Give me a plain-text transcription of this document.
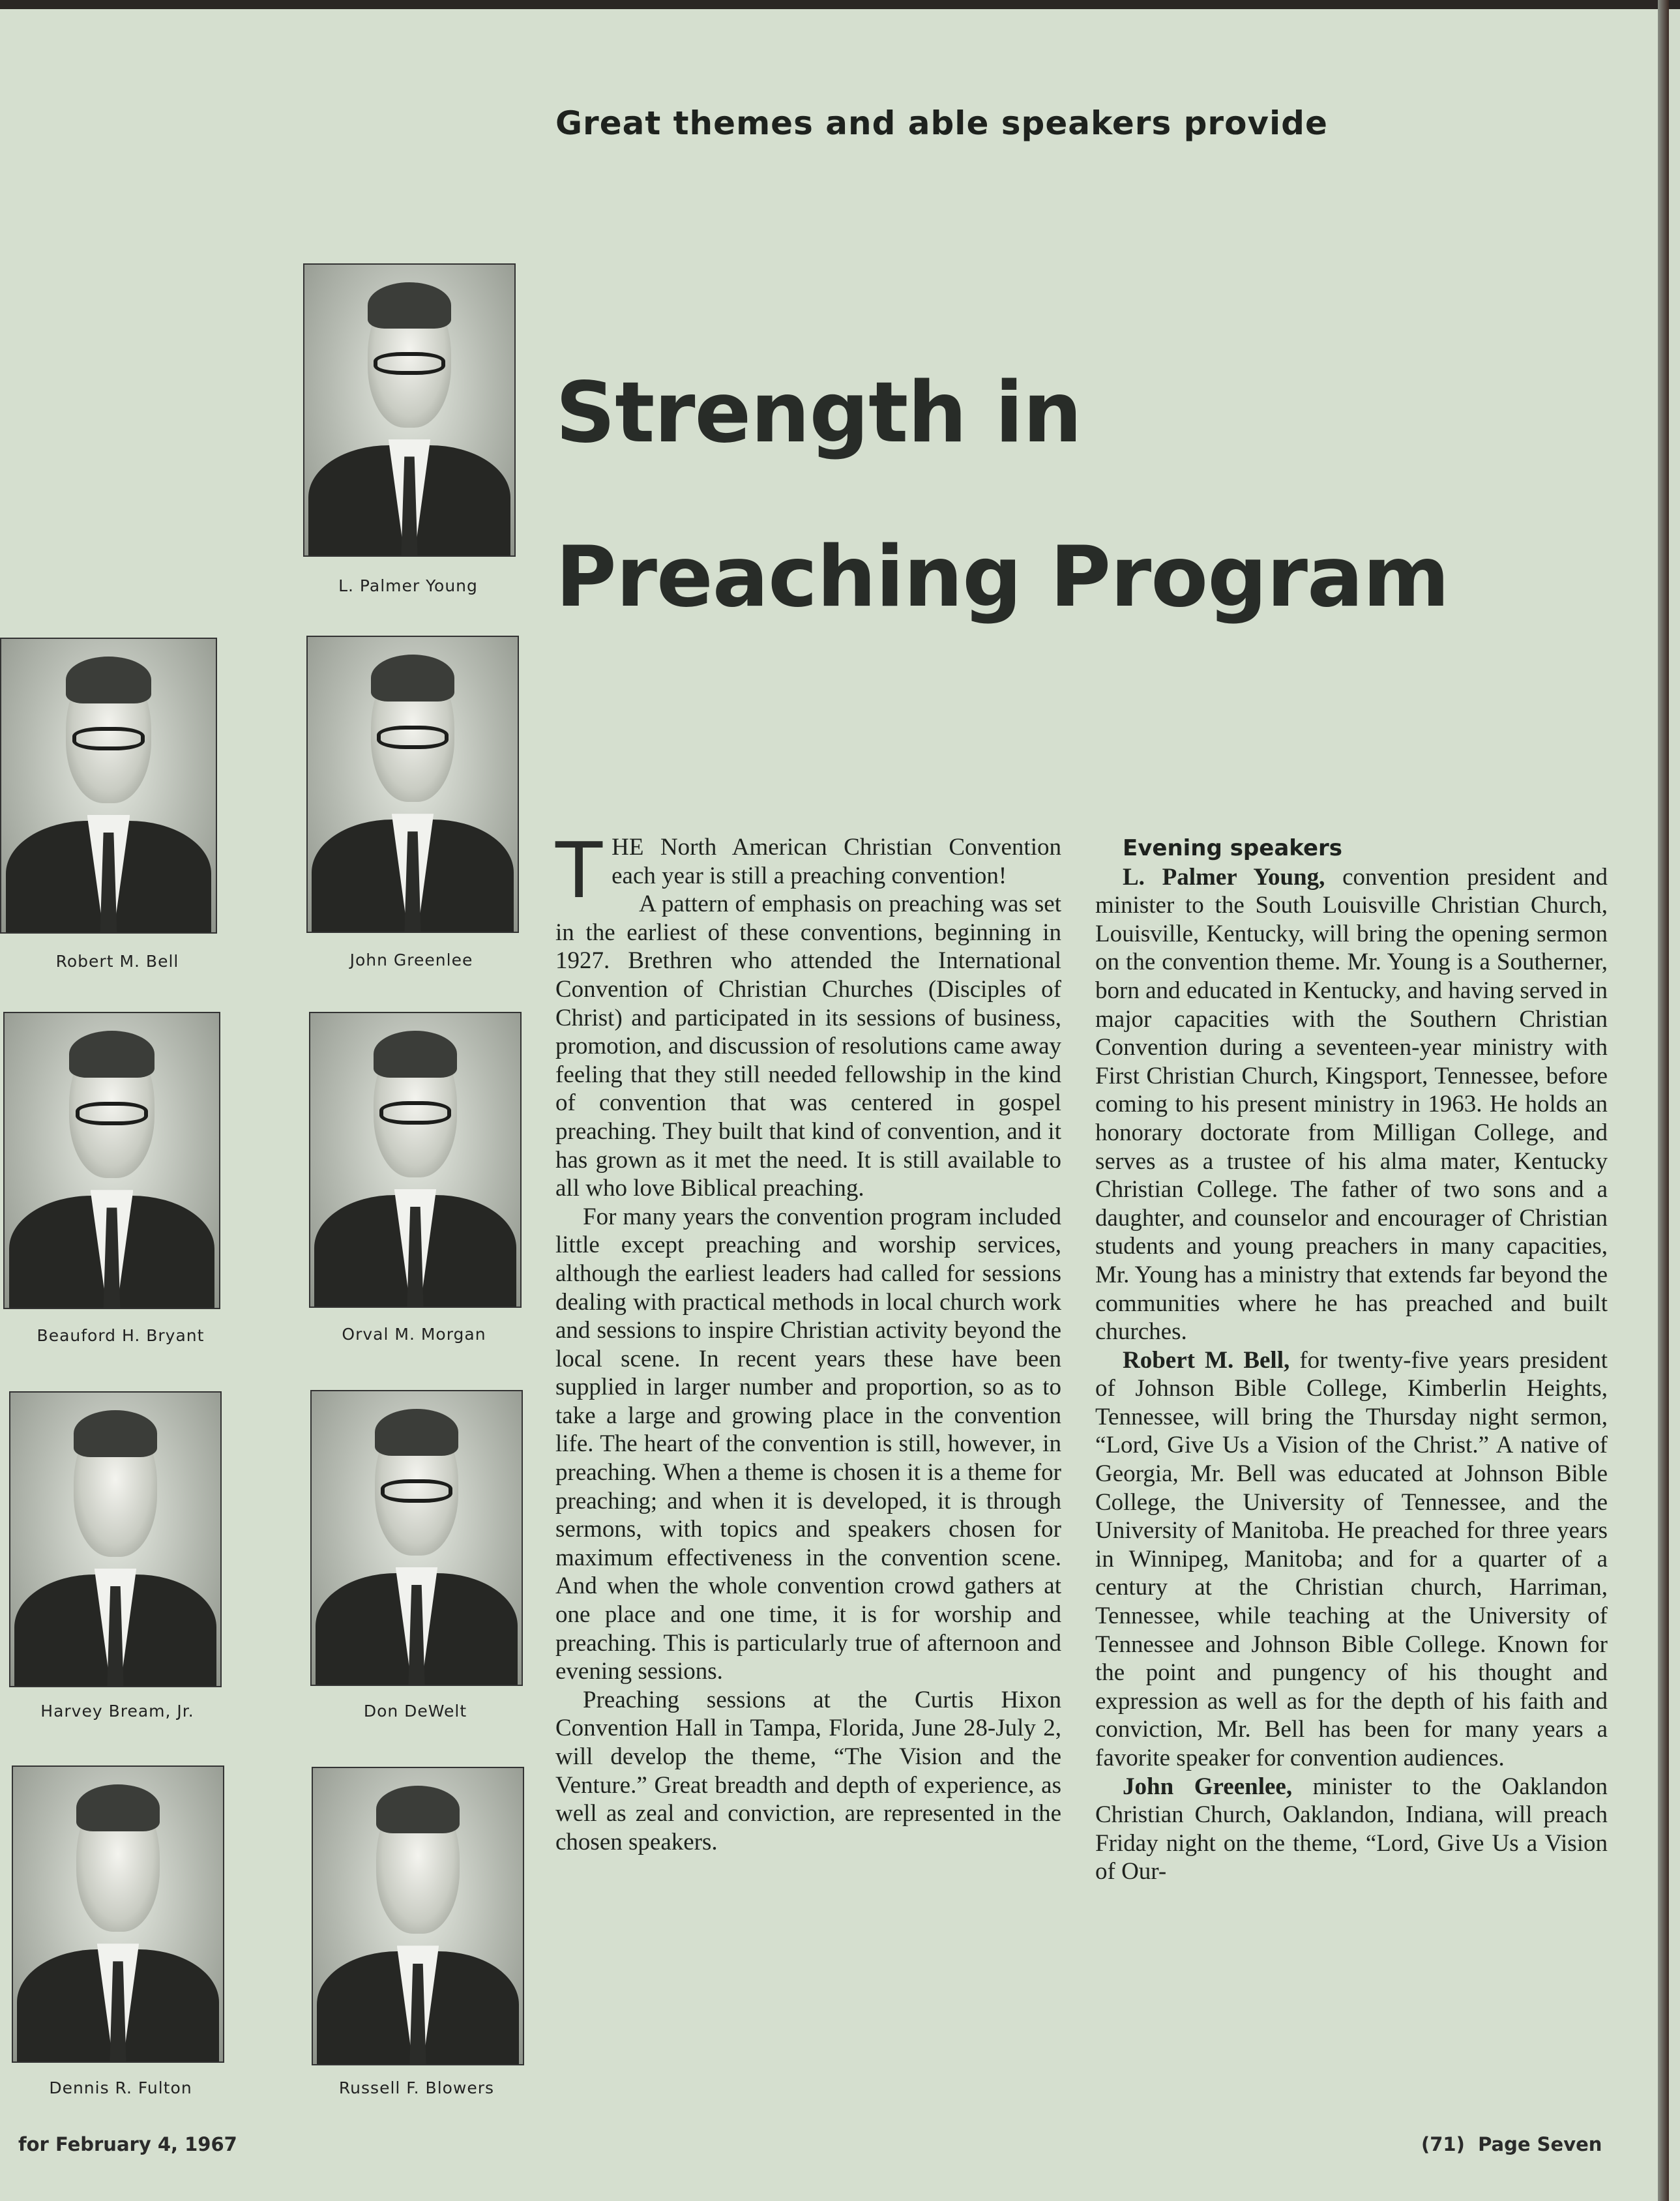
Great themes and able speakers provide
Strength in
Preaching Program
L. Palmer Young
Robert M. Bell	John Greenlee
Beauford H. Bryant	Orval M. Morgan
Harvey Bream, Jr.	Don DeWelt
Dennis R. Fulton	Russell F. Blowers

THE North American Christian Convention each year is still a preaching convention!

A pattern of emphasis on preaching was set in the earliest of these conventions, beginning in 1927. Brethren who attended the International Convention of Christian Churches (Disciples of Christ) and participated in its sessions of business, promotion, and discussion of resolutions came away feeling that they still needed fellowship in the kind of convention that was centered in gospel preaching. They built that kind of convention, and it has grown as it met the need. It is still available to all who love Biblical preaching.

For many years the convention program included little except preaching and worship services, although the earliest leaders had called for sessions dealing with practical methods in local church work and sessions to inspire Christian activity beyond the local scene. In recent years these have been supplied in larger number and proportion, so as to take a large and growing place in the convention life. The heart of the convention is still, however, in preaching. When a theme is chosen it is a theme for preaching; and when it is developed, it is through sermons, with topics and speakers chosen for maximum effectiveness in the convention scene. And when the whole convention crowd gathers at one place and one time, it is for worship and preaching. This is particularly true of afternoon and evening sessions.

Preaching sessions at the Curtis Hixon Convention Hall in Tampa, Florida, June 28-July 2, will develop the theme, “The Vision and the Venture.” Great breadth and depth of experience, as well as zeal and conviction, are represented in the chosen speakers.

Evening speakers

L. Palmer Young, convention president and minister to the South Louisville Christian Church, Louisville, Kentucky, will bring the opening sermon on the convention theme. Mr. Young is a Southerner, born and educated in Kentucky, and having served in major capacities with the Southern Christian Convention during a seventeen-year ministry with First Christian Church, Kingsport, Tennessee, before coming to his present ministry in 1963. He holds an honorary doctorate from Milligan College, and serves as a trustee of his alma mater, Kentucky Christian College. The father of two sons and a daughter, and counselor and encourager of Christian students and young preachers in many capacities, Mr. Young has a ministry that extends far beyond the communities where he has preached and built churches.

Robert M. Bell, for twenty-five years president of Johnson Bible College, Kimberlin Heights, Tennessee, will bring the Thursday night sermon, “Lord, Give Us a Vision of the Christ.” A native of Georgia, Mr. Bell was educated at Johnson Bible College, the University of Tennessee, and the University of Manitoba. He preached for three years in Winnipeg, Manitoba; and for a quarter of a century at the Christian church, Harriman, Tennessee, while teaching at the University of Tennessee and Johnson Bible College. Known for the point and pungency of his thought and expression as well as for the depth of his faith and conviction, Mr. Bell has been for many years a favorite speaker for convention audiences.

John Greenlee, minister to the Oaklandon Christian Church, Oaklandon, Indiana, will preach Friday night on the theme, “Lord, Give Us a Vision of Our-

for February 4, 1967	(71) Page Seven
